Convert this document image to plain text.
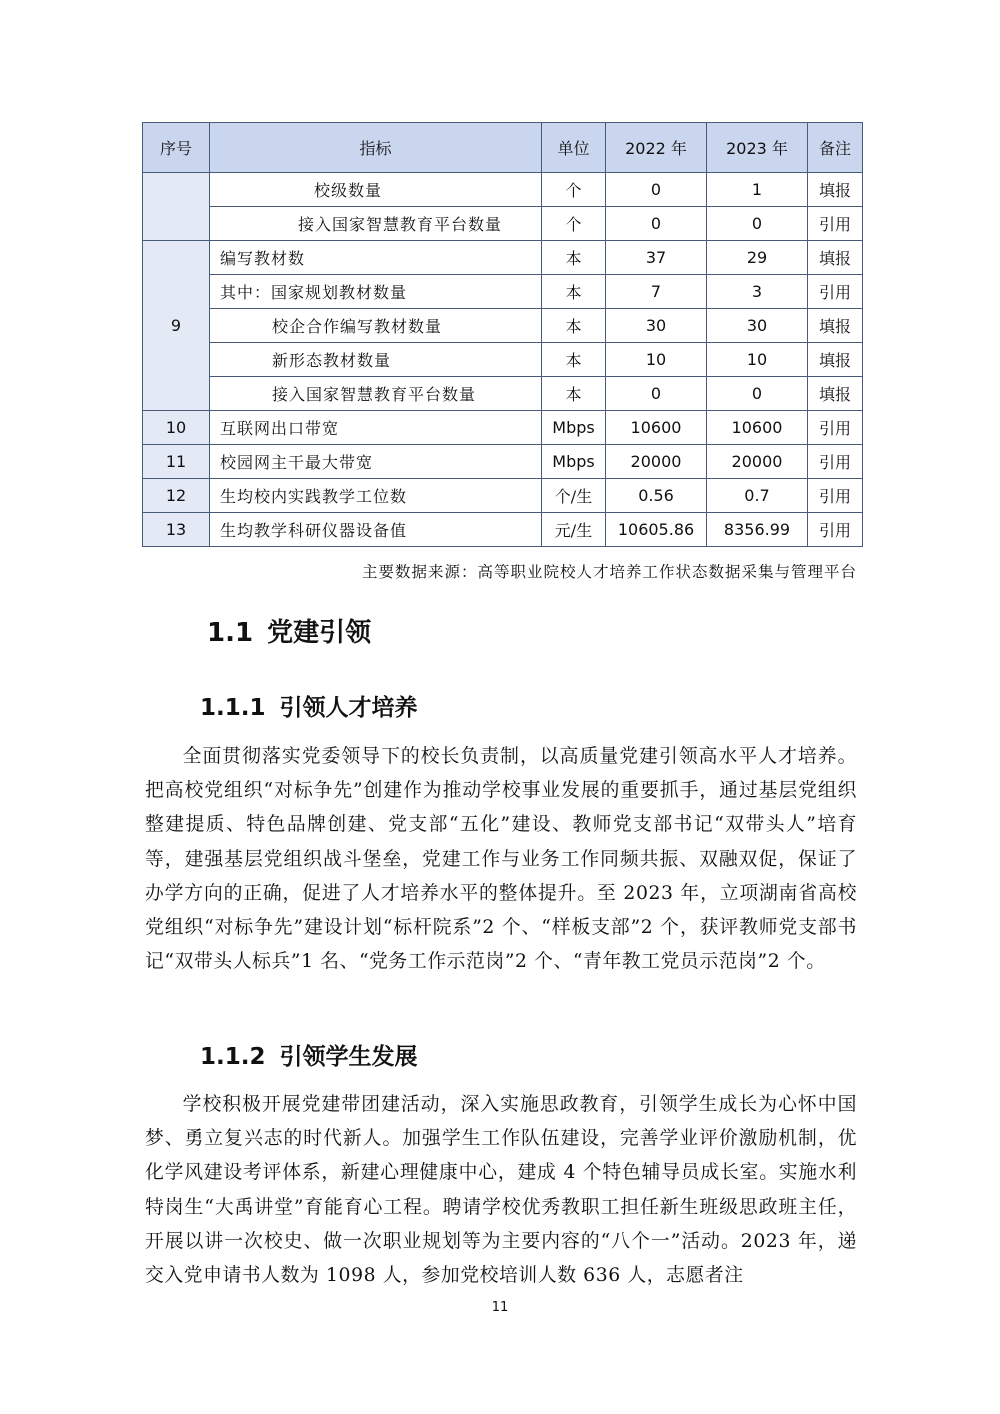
序号	指标	单位	2022 年	2023 年	备注
	校级数量	个	0	1	填报
	接入国家智慧教育平台数量	个	0	0	引用
9	编写教材数	本	37	29	填报
	其中：国家规划教材数量	本	7	3	引用
	校企合作编写教材数量	本	30	30	填报
	新形态教材数量	本	10	10	填报
	接入国家智慧教育平台数量	本	0	0	填报
10	互联网出口带宽	Mbps	10600	10600	引用
11	校园网主干最大带宽	Mbps	20000	20000	引用
12	生均校内实践教学工位数	个/生	0.56	0.7	引用
13	生均教学科研仪器设备值	元/生	10605.86	8356.99	引用
主要数据来源：高等职业院校人才培养工作状态数据采集与管理平台
1.1 党建引领
1.1.1 引领人才培养

全面贯彻落实党委领导下的校长负责制，以高质量党建引领高水平人才培养。把高校党组织“对标争先”创建作为推动学校事业发展的重要抓手，通过基层党组织整建提质、特色品牌创建、党支部“五化”建设、教师党支部书记“双带头人”培育等，建强基层党组织战斗堡垒，党建工作与业务工作同频共振、双融双促，保证了办学方向的正确，促进了人才培养水平的整体提升。至 2023 年，立项湖南省高校党组织“对标争先”建设计划“标杆院系”2 个、“样板支部”2 个，获评教师党支部书记“双带头人标兵”1 名、“党务工作示范岗”2 个、“青年教工党员示范岗”2 个。

1.1.2 引领学生发展

学校积极开展党建带团建活动，深入实施思政教育，引领学生成长为心怀中国梦、勇立复兴志的时代新人。加强学生工作队伍建设，完善学业评价激励机制，优化学风建设考评体系，新建心理健康中心，建成 4 个特色辅导员成长室。实施水利特岗生“大禹讲堂”育能育心工程。聘请学校优秀教职工担任新生班级思政班主任，开展以讲一次校史、做一次职业规划等为主要内容的“八个一”活动。2023 年，递交入党申请书人数为 1098 人，参加党校培训人数 636 人，志愿者注

11
